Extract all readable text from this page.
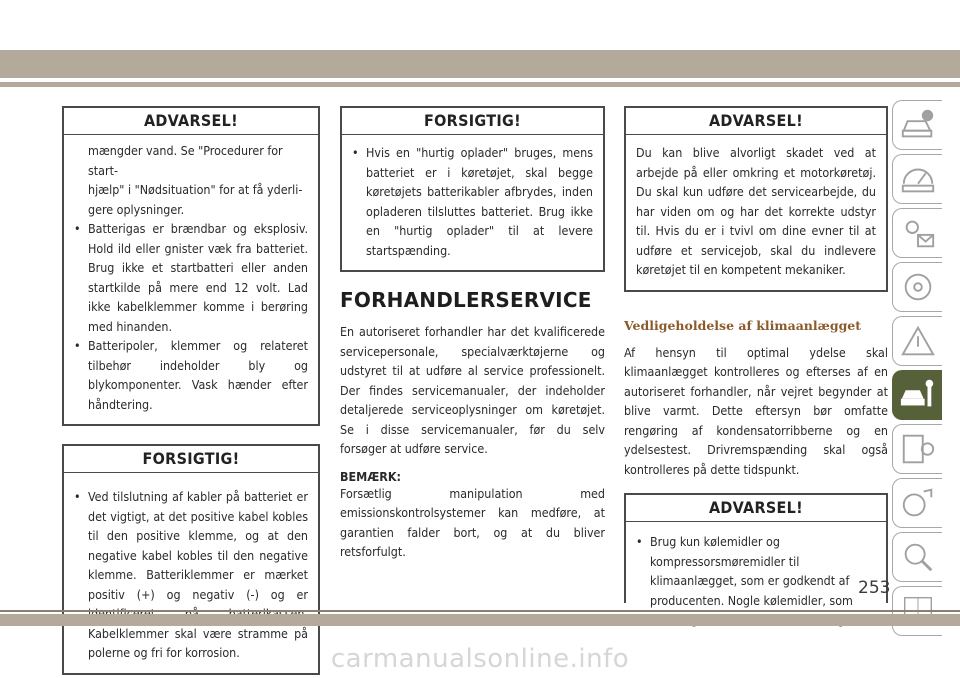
ADVARSEL!

mængder vand. Se "Procedurer for start-

hjælp" i "Nødsituation" for at få yderli-

gere oplysninger.

• Batterigas er brændbar og eksplosiv. Hold ild eller gnister væk fra batteriet. Brug ikke et startbatteri eller anden startkilde på mere end 12 volt. Lad ikke kabelklemmer komme i berøring med hinanden.

• Batteripoler, klemmer og relateret tilbehør indeholder bly og blykomponenter. Vask hænder efter håndtering.

FORSIGTIG!

• Ved tilslutning af kabler på batteriet er det vigtigt, at det positive kabel kobles til den positive klemme, og at den negative kabel kobles til den negative klemme. Batteriklemmer er mærket positiv (+) og negativ (-) og er Kabelklemmer skal være stramme på polerne og fri for korrosion.

FORSIGTIG!

• Hvis en "hurtig oplader" bruges, mens batteriet er i køretøjet, skal begge køretøjets batterikabler afbrydes, inden opladeren tilsluttes batteriet. Brug ikke en "hurtig oplader" til at levere startspænding.

FORHANDLERSERVICE

En autoriseret forhandler har det kvalificerede servicepersonale, specialværktøjerne og udstyret til at udføre al service professionelt. Der findes servicemanualer, der indeholder detaljerede serviceoplysninger om køretøjet. Se i disse servicemanualer, før du selv forsøger at udføre service.

BEMÆRK:

Forsætlig manipulation med emissionskontrolsystemer kan medføre, at garantien falder bort, og at du bliver retsforfulgt.

ADVARSEL!

Du kan blive alvorligt skadet ved at arbejde på eller omkring et motorkøretøj. Du skal kun udføre det servicearbejde, du har viden om og har det korrekte udstyr til. Hvis du er i tvivl om dine evner til at udføre et servicejob, skal du indlevere køretøjet til en kompetent mekaniker.

Vedligeholdelse af klimaanlægget

Af hensyn til optimal ydelse skal klimaanlægget kontrolleres og efterses af en autoriseret forhandler, når vejret begynder at blive varmt. Dette eftersyn bør omfatte rengøring af kondensatorribberne og en ydelsestest. Drivremspænding skal også kontrolleres på dette tidspunkt.

ADVARSEL!

• Brug kun kølemidler og kompressorsmøremidler til klimaanlægget, som er godkendt af producenten. Nogle kølemidler, som

253
carmanualsonline.info
